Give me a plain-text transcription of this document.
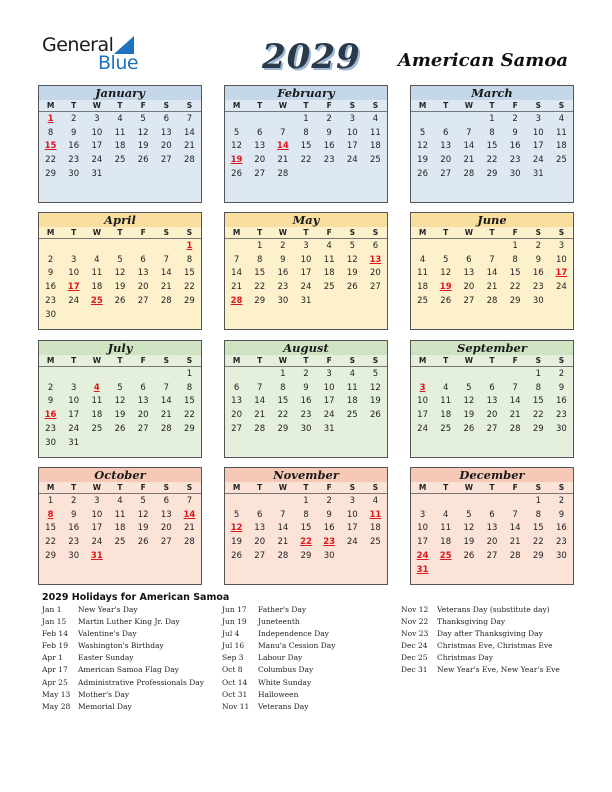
General
Blue	2029 American Samoa
January
M	T	W	T	F	S	S
1	2	3	4	5	6	7
8	9	10	11	12	13	14
15	16	17	18	19	20	21
22	23	24	25	26	27	28
29	30	31				

February
M	T	W	T	F	S	S
			1	2	3	4
5	6	7	8	9	10	11
12	13	14	15	16	17	18
19	20	21	22	23	24	25
26	27	28				

March
M	T	W	T	F	S	S
			1	2	3	4
5	6	7	8	9	10	11
12	13	14	15	16	17	18
19	20	21	22	23	24	25
26	27	28	29	30	31	

April
M	T	W	T	F	S	S
						1
2	3	4	5	6	7	8
9	10	11	12	13	14	15
16	17	18	19	20	21	22
23	24	25	26	27	28	29
30						
May
M	T	W	T	F	S	S
	1	2	3	4	5	6
7	8	9	10	11	12	13
14	15	16	17	18	19	20
21	22	23	24	25	26	27
28	29	30	31			

June
M	T	W	T	F	S	S
				1	2	3
4	5	6	7	8	9	10
11	12	13	14	15	16	17
18	19	20	21	22	23	24
25	26	27	28	29	30	

July
M	T	W	T	F	S	S
						1
2	3	4	5	6	7	8
9	10	11	12	13	14	15
16	17	18	19	20	21	22
23	24	25	26	27	28	29
30	31					
August
M	T	W	T	F	S	S
		1	2	3	4	5
6	7	8	9	10	11	12
13	14	15	16	17	18	19
20	21	22	23	24	25	26
27	28	29	30	31		

September
M	T	W	T	F	S	S
					1	2
3	4	5	6	7	8	9
10	11	12	13	14	15	16
17	18	19	20	21	22	23
24	25	26	27	28	29	30

October
M	T	W	T	F	S	S
1	2	3	4	5	6	7
8	9	10	11	12	13	14
15	16	17	18	19	20	21
22	23	24	25	26	27	28
29	30	31				

November
M	T	W	T	F	S	S
			1	2	3	4
5	6	7	8	9	10	11
12	13	14	15	16	17	18
19	20	21	22	23	24	25
26	27	28	29	30		

December
M	T	W	T	F	S	S
					1	2
3	4	5	6	7	8	9
10	11	12	13	14	15	16
17	18	19	20	21	22	23
24	25	26	27	28	29	30
31						
2029 Holidays for American Samoa
Jan 1 New Year's Day
Jan 15 Martin Luther King Jr. Day
Feb 14 Valentine's Day
Feb 19 Washington's Birthday
Apr 1 Easter Sunday
Apr 17 American Samoa Flag Day
Apr 25 Administrative Professionals Day
May 13 Mother's Day
May 28 Memorial Day
Jun 17 Father's Day
Jun 19 Juneteenth
Jul 4 Independence Day
Jul 16 Manu'a Cession Day
Sep 3 Labour Day
Oct 8 Columbus Day
Oct 14 White Sunday
Oct 31 Halloween
Nov 11 Veterans Day
Nov 12 Veterans Day (substitute day)
Nov 22 Thanksgiving Day
Nov 23 Day after Thanksgiving Day
Dec 24 Christmas Eve, Christmas Eve
Dec 25 Christmas Day
Dec 31 New Year's Eve, New Year's Eve
